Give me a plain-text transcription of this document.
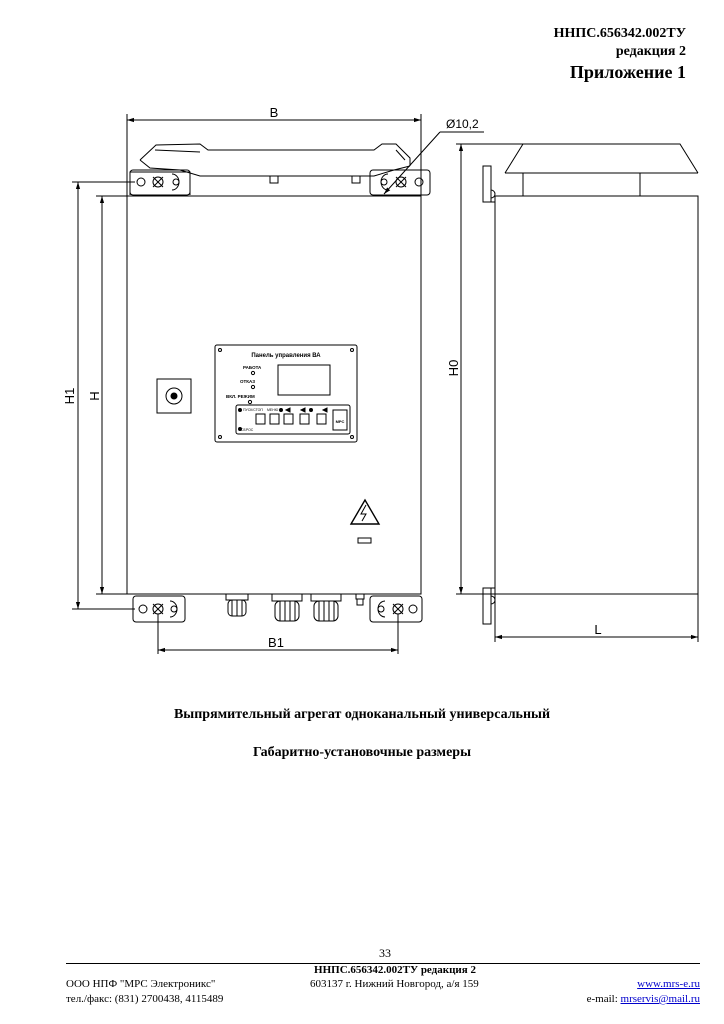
ННПС.656342.002ТУ
редакция 2
Приложение 1
Панель управления ВА
РАБОТА
ОТКАЗ
ВКЛ. РЕЖИМ
ПУСК/СТОП МЕНЮ
СБРОС
МРС
B
B1
H1 H
H0
L
Ø10,2
Выпрямительный агрегат одноканальный универсальный
Габаритно-установочные размеры
33
ННПС.656342.002ТУ редакция 2
ООО НПФ "МРС Электроникс"
тел./факс: (831) 2700438, 4115489
603137 г. Нижний Новгород, а/я 159	www.mrs-e.ru
e-mail: mrservis@mail.ru
